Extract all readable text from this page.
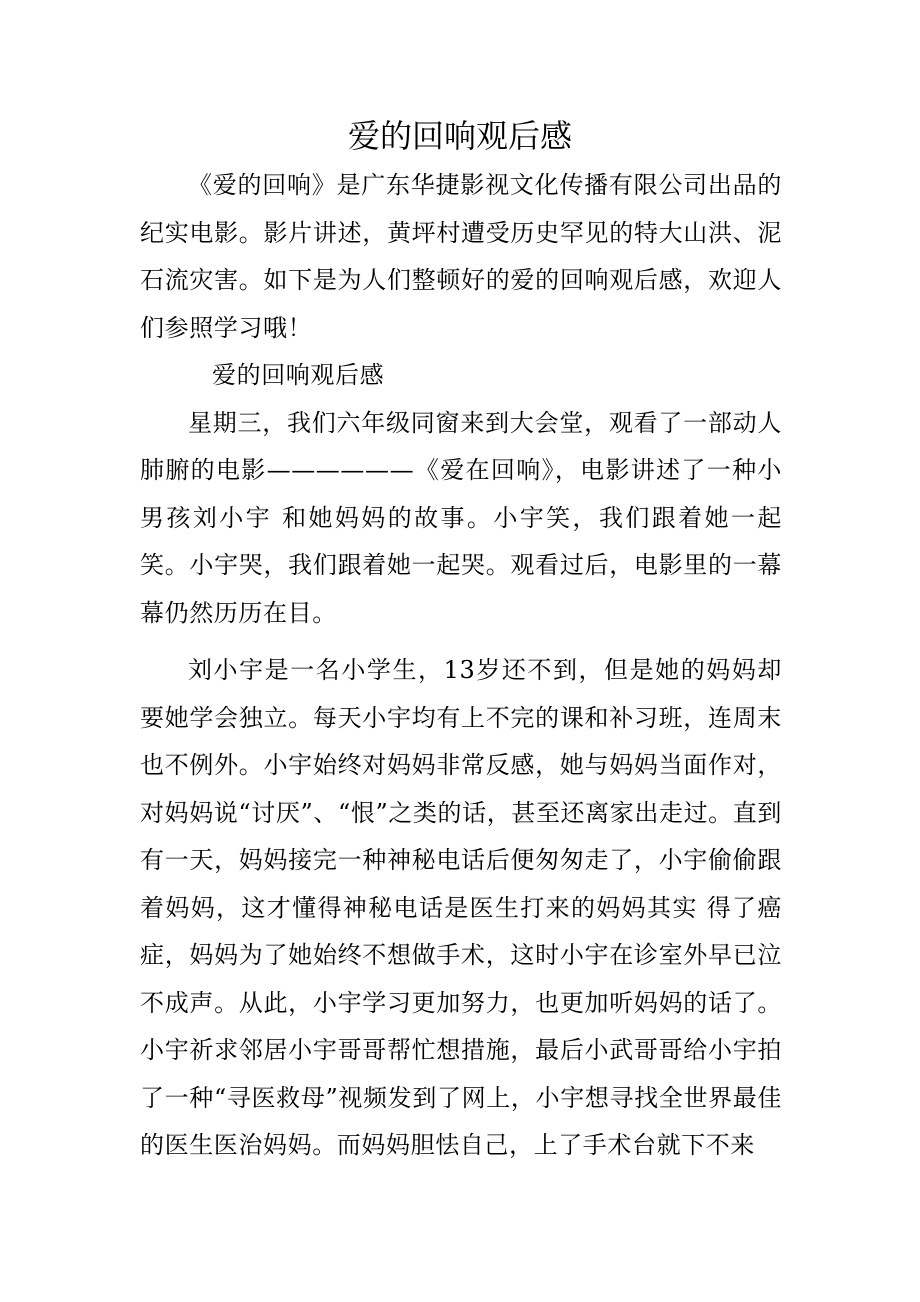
爱的回响观后感

《爱的回响》是广东华捷影视文化传播有限公司出品的纪实电影。影片讲述，黄坪村遭受历史罕见的特大山洪、泥石流灾害。如下是为人们整顿好的爱的回响观后感，欢迎人们参照学习哦！

爱的回响观后感

星期三，我们六年级同窗来到大会堂，观看了一部动人肺腑的电影——————《爱在回响》，电影讲述了一种小男孩刘小宇 和她妈妈的故事。小宇笑，我们跟着她一起笑。小宇哭，我们跟着她一起哭。观看过后，电影里的一幕幕仍然历历在目。

刘小宇是一名小学生，13岁还不到，但是她的妈妈却要她学会独立。每天小宇均有上不完的课和补习班，连周末也不例外。小宇始终对妈妈非常反感，她与妈妈当面作对，对妈妈说“讨厌”、“恨”之类的话，甚至还离家出走过。直到有一天，妈妈接完一种神秘电话后便匆匆走了，小宇偷偷跟着妈妈，这才懂得神秘电话是医生打来的妈妈其实 得了癌症，妈妈为了她始终不想做手术，这时小宇在诊室外早已泣不成声。从此，小宇学习更加努力，也更加听妈妈的话了。小宇祈求邻居小宇哥哥帮忙想措施，最后小武哥哥给小宇拍了一种“寻医救母”视频发到了网上，小宇想寻找全世界最佳的医生医治妈妈。而妈妈胆怯自己，上了手术台就下不来
